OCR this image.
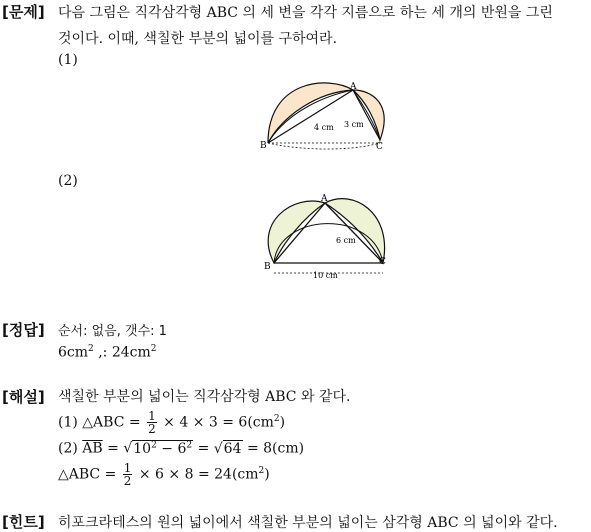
[문제] 다음 그림은 직각삼각형 ABC 의 세 변을 각각 지름으로 하는 세 개의 반원을 그린
것이다. 이때, 색칠한 부분의 넓이를 구하여라.
(1)
A
B	C
4 cm 3 cm
(2)
A
B	C
6 cm
10 cm
[정답] 순서: 없음, 갯수: 1
$6cm^2$ ,: $24cm^2$
[해설] 색칠한 부분의 넓이는 직각삼각형 ABC 와 같다.
(1) △ABC = $\frac{1}{2} \times 4 \times 3 = 6(cm^2)$
(2) $\overline{AB} = √10^2 - 6^2 = √64 = 8(cm)$
△ABC = $\frac{1}{2} \times 6 \times 8 = 24(cm^2)$
[힌트] 히포크라테스의 원의 넓이에서 색칠한 부분의 넓이는 삼각형 ABC 의 넓이와 같다.
